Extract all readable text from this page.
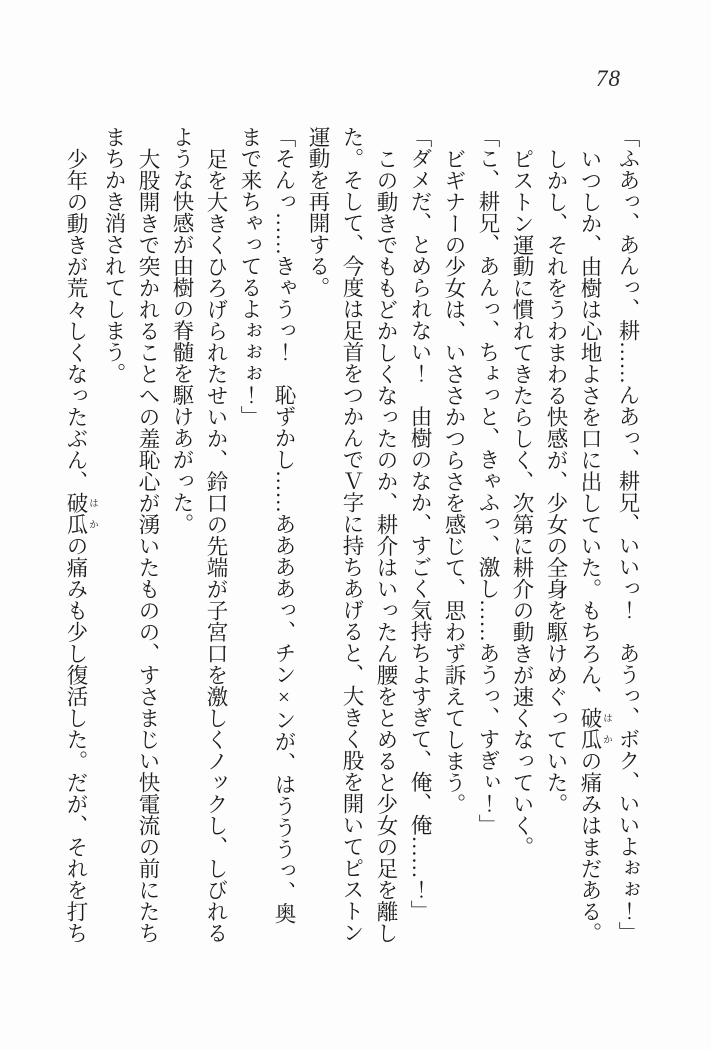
78

「ふあっ、あんっ、耕……んあっ、耕兄、いいっ！　あうっ、ボク、いいよぉぉ！」

いつしか、由樹は心地よさを口に出していた。もちろん、破瓜 はかの痛みはまだある。

しかし、それをうわまわる快感が、少女の全身を駆けめぐっていた。

ピストン運動に慣れてきたらしく、次第に耕介の動きが速くなっていく。

「こ、耕兄、あんっ、ちょっと、きゃふっ、激し……あうっ、すぎぃ！」

ビギナーの少女は、いささかつらさを感じて、思わず訴えてしまう。

「ダメだ、とめられない！　由樹のなか、すごく気持ちよすぎて、俺、俺……！」

この動きでももどかしくなったのか、耕介はいったん腰をとめると少女の足を離した。そして、今度は足首をつかんでＶ字に持ちあげると、大きく股を開いてピストン運動を再開する。

「そんっ……きゃうっ！　恥ずかし……ああああっ、チン×ンが、はうううっ、奥まで来ちゃってるよぉぉぉ！」

足を大きくひろげられたせいか、鈴口の先端が子宮口を激しくノックし、しびれるような快感が由樹の脊髄を駆けあがった。

大股開きで突かれることへの羞恥心が湧いたものの、すさまじい快電流の前にたちまちかき消されてしまう。

少年の動きが荒々しくなったぶん、破瓜 はかの痛みも少し復活した。だが、それを打ち
